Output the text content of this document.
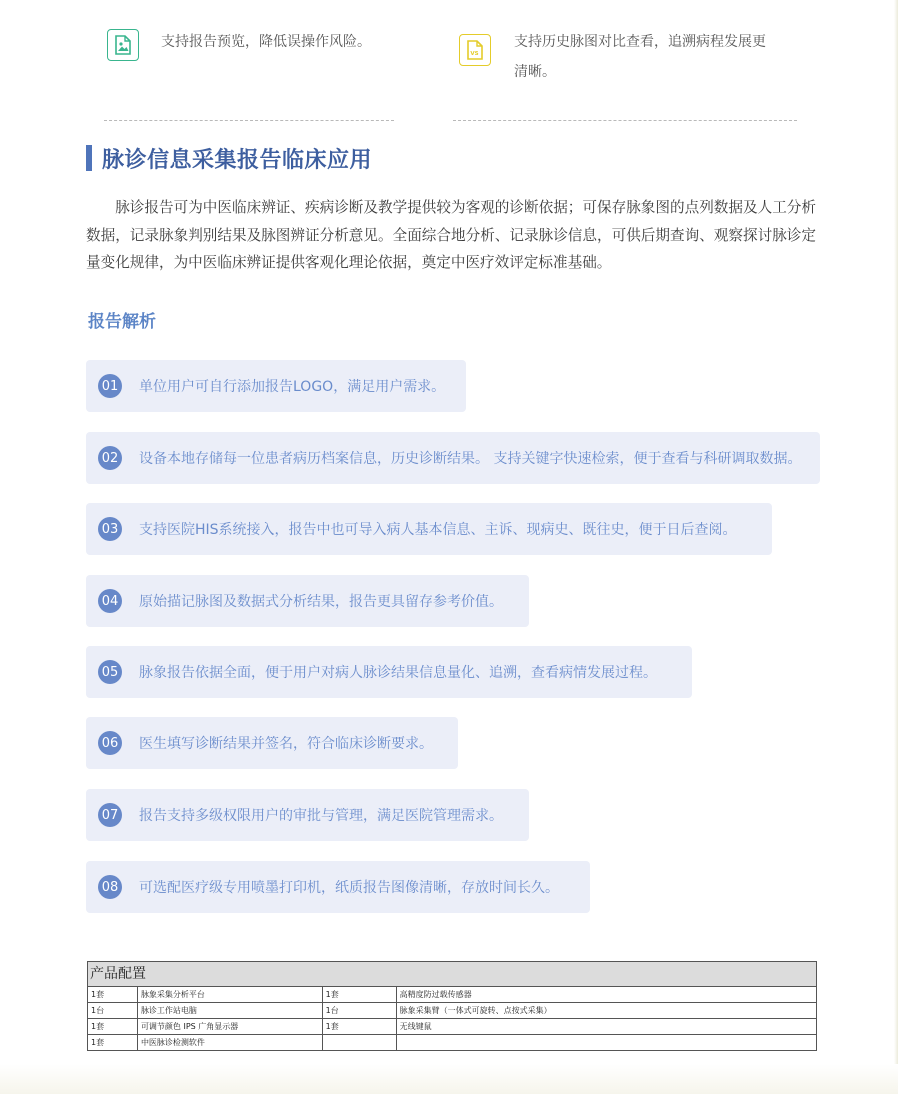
支持报告预览，降低误操作风险。
VS
支持历史脉图对比查看，追溯病程发展更
清晰。
脉诊信息采集报告临床应用

脉诊报告可为中医临床辨证、疾病诊断及教学提供较为客观的诊断依据；可保存脉象图的点列数据及人工分析数据，记录脉象判别结果及脉图辨证分析意见。全面综合地分析、记录脉诊信息，可供后期查询、观察探讨脉诊定量变化规律，为中医临床辨证提供客观化理论依据，奠定中医疗效评定标准基础。

报告解析
01 单位用户可自行添加报告LOGO，满足用户需求。
02 设备本地存储每一位患者病历档案信息，历史诊断结果。 支持关键字快速检索，便于查看与科研调取数据。
03 支持医院HIS系统接入，报告中也可导入病人基本信息、主诉、现病史、既往史，便于日后查阅。
04 原始描记脉图及数据式分析结果，报告更具留存参考价值。
05 脉象报告依据全面，便于用户对病人脉诊结果信息量化、追溯，查看病情发展过程。
06 医生填写诊断结果并签名，符合临床诊断要求。
07 报告支持多级权限用户的审批与管理，满足医院管理需求。
08 可选配医疗级专用喷墨打印机，纸质报告图像清晰，存放时间长久。
产品配置			
1套	脉象采集分析平台	1套	高精度防过载传感器
1台	脉诊工作站电脑	1台	脉象采集臂（一体式可旋转、点按式采集）
1套	可调节颜色 IPS 广角显示器	1套	无线键鼠
1套	中医脉诊检测软件		
